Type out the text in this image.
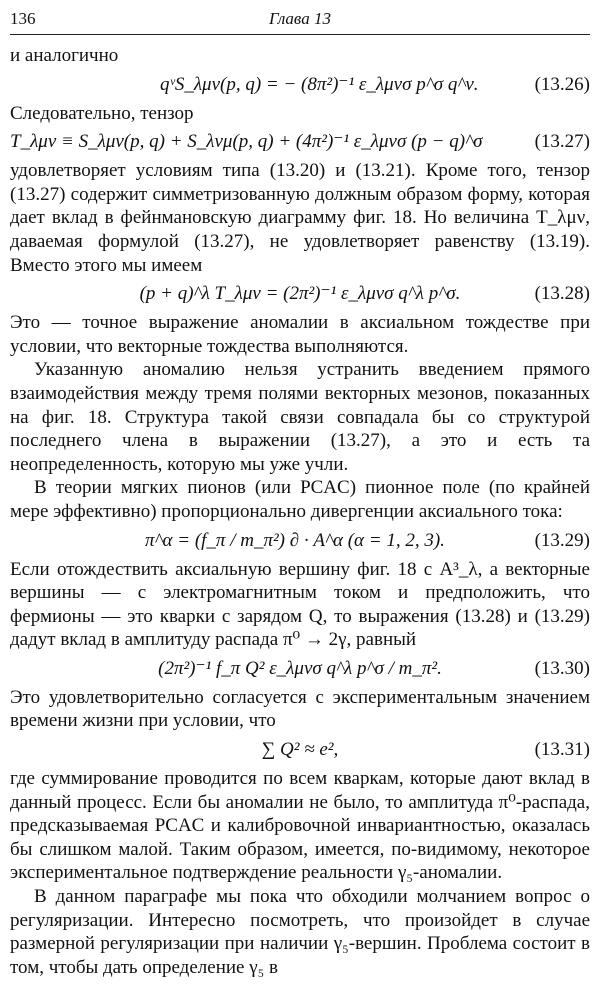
136	Глава 13

и аналогично

qᵛS_λμν(p, q) = − (8π²)⁻¹ ε_λμνσ p^σ q^ν.	(13.26)

Следовательно, тензор

T_λμν ≡ S_λμν(p, q) + S_λνμ(p, q) + (4π²)⁻¹ ε_λμνσ (p − q)^σ	(13.27)

удовлетворяет условиям типа (13.20) и (13.21). Кроме того, тензор (13.27) содержит симметризованную должным образом форму, которая дает вклад в фейнмановскую диаграмму фиг. 18. Но величина T_λμν, даваемая формулой (13.27), не удовлетворяет равенству (13.19). Вместо этого мы имеем

(p + q)^λ T_λμν = (2π²)⁻¹ ε_λμνσ q^λ p^σ.	(13.28)

Это — точное выражение аномалии в аксиальном тождестве при условии, что векторные тождества выполняются.

Указанную аномалию нельзя устранить введением прямого взаимодействия между тремя полями векторных мезонов, показанных на фиг. 18. Структура такой связи совпадала бы со структурой последнего члена в выражении (13.27), а это и есть та неопределенность, которую мы уже учли.

В теории мягких пионов (или PCAC) пионное поле (по крайней мере эффективно) пропорционально дивергенции аксиального тока:

π^α = (f_π / m_π²) ∂ · A^α (α = 1, 2, 3).	(13.29)

Если отождествить аксиальную вершину фиг. 18 с A³_λ, а векторные вершины — с электромагнитным током и предположить, что фермионы — это кварки с зарядом Q, то выражения (13.28) и (13.29) дадут вклад в амплитуду распада π⁰ → 2γ, равный

(2π²)⁻¹ f_π Q² ε_λμνσ q^λ p^σ / m_π².	(13.30)

Это удовлетворительно согласуется с экспериментальным значением времени жизни при условии, что

∑ Q² ≈ e²,	(13.31)

где суммирование проводится по всем кваркам, которые дают вклад в данный процесс. Если бы аномалии не было, то амплитуда π⁰-распада, предсказываемая PCAC и калибровочной инвариантностью, оказалась бы слишком малой. Таким образом, имеется, по-видимому, некоторое экспериментальное подтверждение реальности γ₅-аномалии.

В данном параграфе мы пока что обходили молчанием вопрос о регуляризации. Интересно посмотреть, что произойдет в случае размерной регуляризации при наличии γ₅-вершин. Проблема состоит в том, чтобы дать определение γ₅ в
